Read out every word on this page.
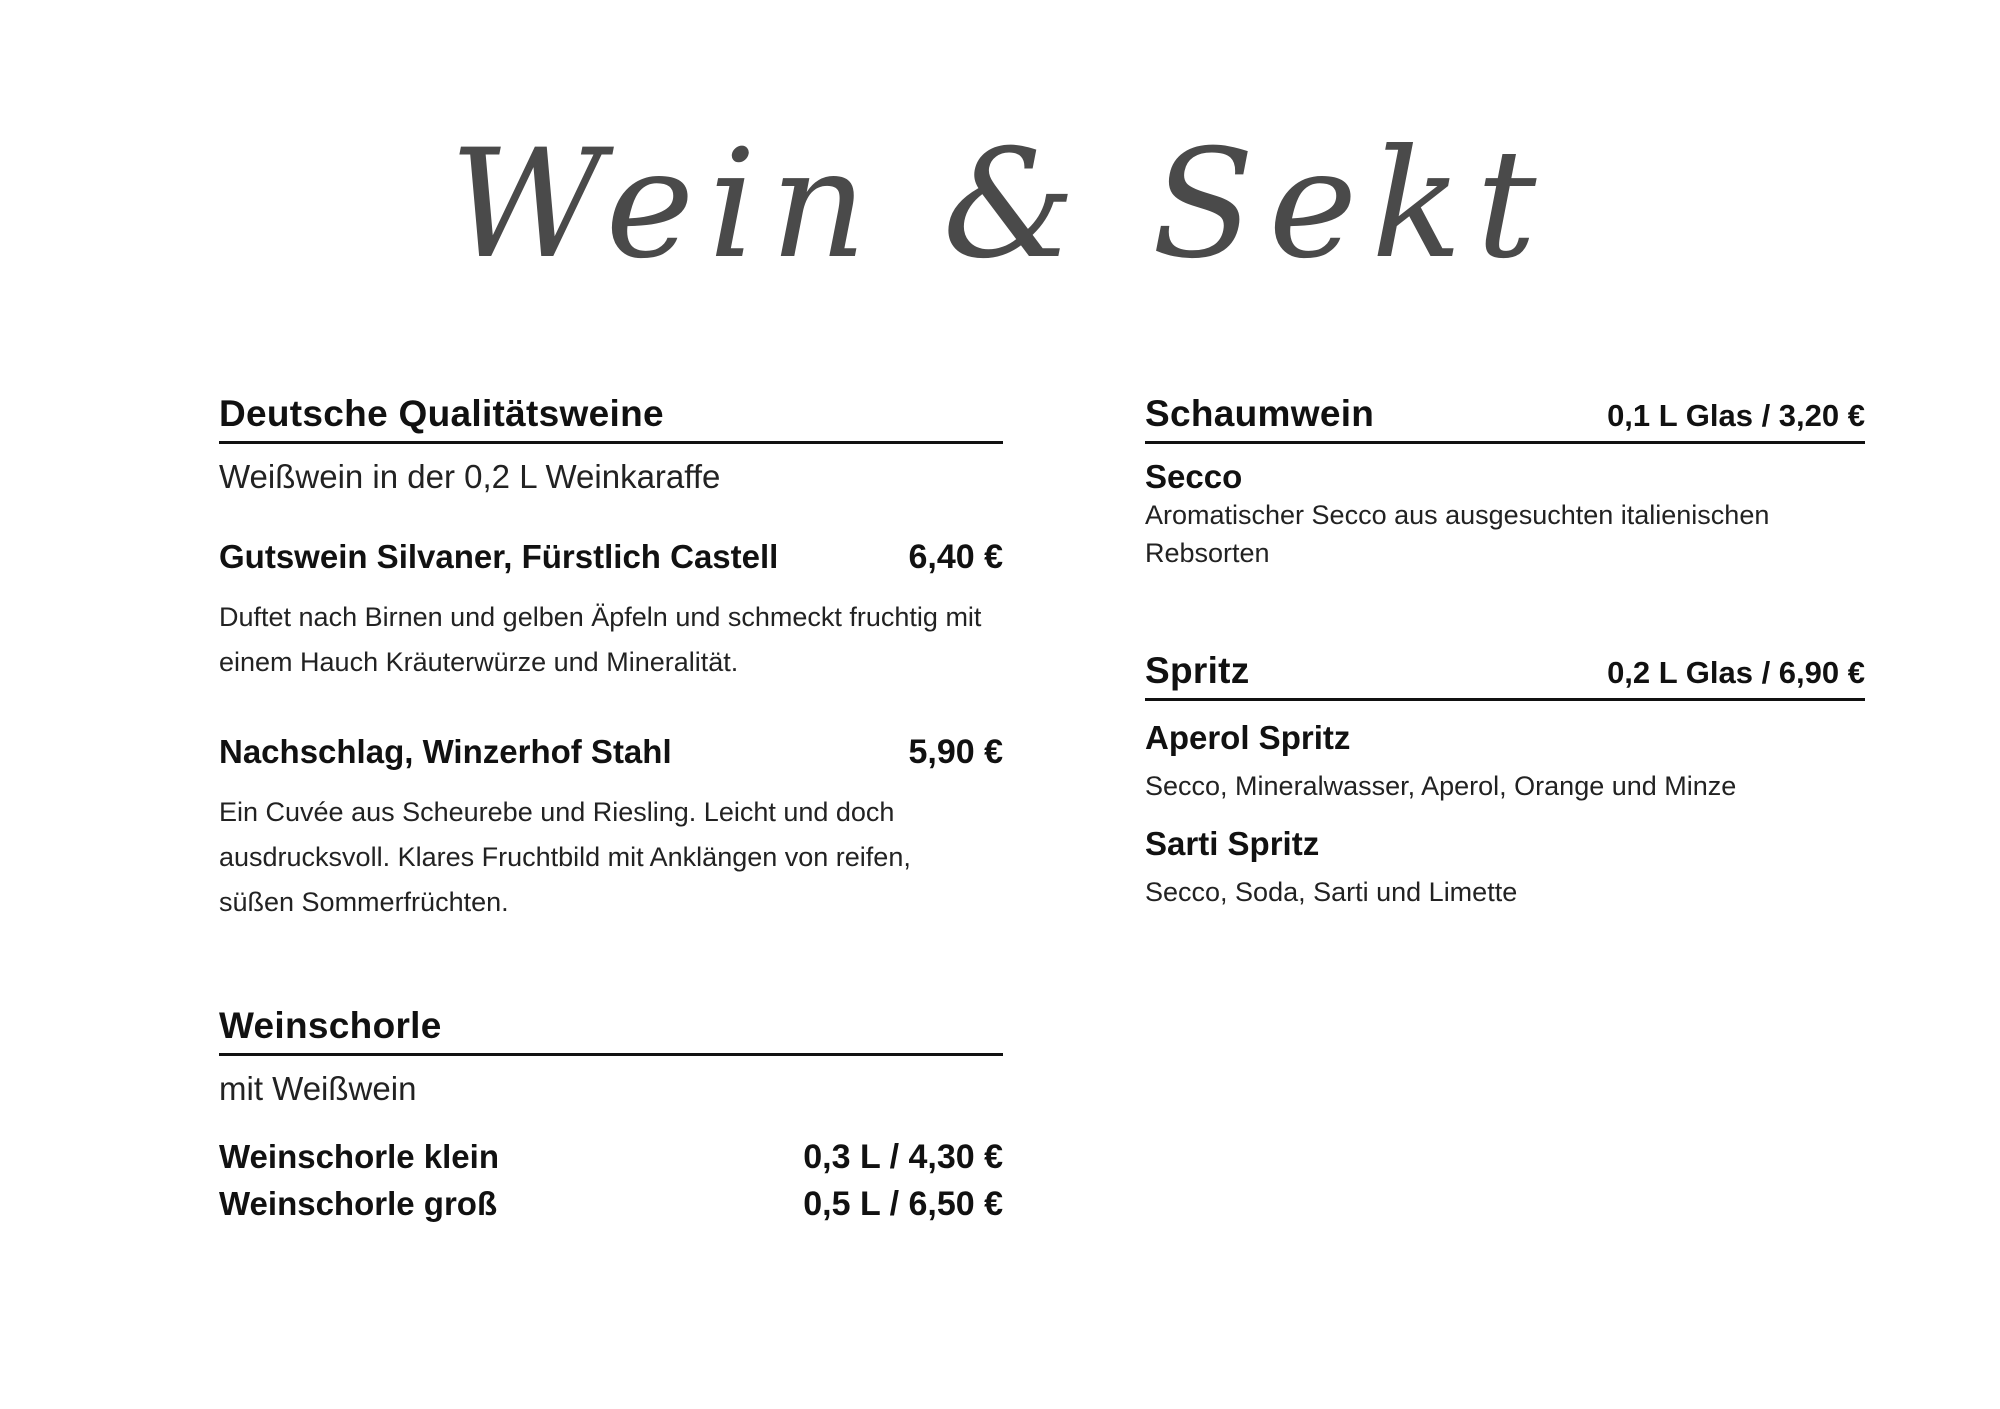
Wein & Sekt
Deutsche Qualitätsweine
Weißwein in der 0,2 L Weinkaraffe
Gutswein Silvaner, Fürstlich Castell	6,40 €
Duftet nach Birnen und gelben Äpfeln und schmeckt fruchtig mit einem Hauch Kräuterwürze und Mineralität.
Nachschlag, Winzerhof Stahl	5,90 €
Ein Cuvée aus Scheurebe und Riesling. Leicht und doch ausdrucksvoll. Klares Fruchtbild mit Anklängen von reifen, süßen Sommerfrüchten.
Weinschorle
mit Weißwein
Weinschorle klein	0,3 L / 4,30 €
Weinschorle groß	0,5 L / 6,50 €
Schaumwein	0,1 L Glas / 3,20 €
Secco
Aromatischer Secco aus ausgesuchten italienischen Rebsorten
Spritz	0,2 L Glas / 6,90 €
Aperol Spritz
Secco, Mineralwasser, Aperol, Orange und Minze
Sarti Spritz
Secco, Soda, Sarti und Limette
